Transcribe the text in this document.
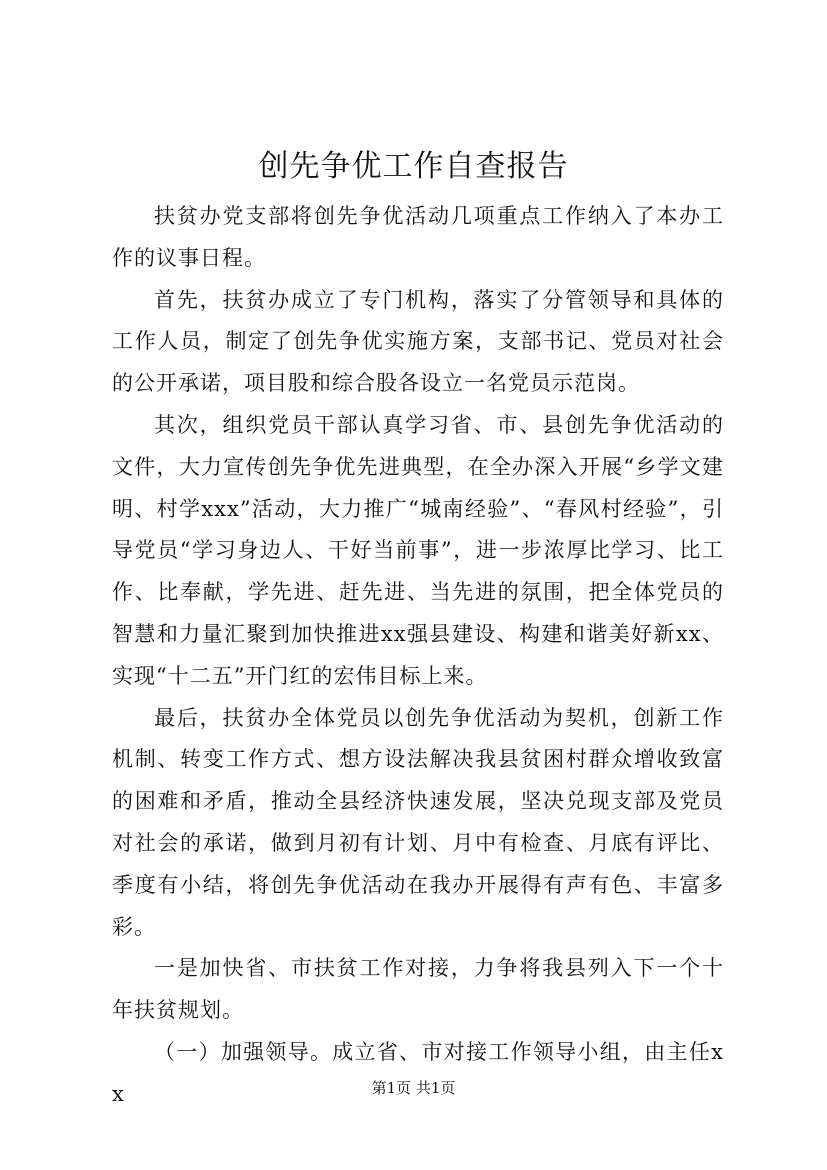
创先争优工作自查报告

扶贫办党支部将创先争优活动几项重点工作纳入了本办工作的议事日程。

首先，扶贫办成立了专门机构，落实了分管领导和具体的工作人员，制定了创先争优实施方案，支部书记、党员对社会的公开承诺，项目股和综合股各设立一名党员示范岗。

其次，组织党员干部认真学习省、市、县创先争优活动的文件，大力宣传创先争优先进典型，在全办深入开展“乡学文建明、村学xxx”活动，大力推广“城南经验”、“春风村经验”，引导党员“学习身边人、干好当前事”，进一步浓厚比学习、比工作、比奉献，学先进、赶先进、当先进的氛围，把全体党员的智慧和力量汇聚到加快推进xx强县建设、构建和谐美好新xx、实现“十二五”开门红的宏伟目标上来。

最后，扶贫办全体党员以创先争优活动为契机，创新工作机制、转变工作方式、想方设法解决我县贫困村群众增收致富的困难和矛盾，推动全县经济快速发展，坚决兑现支部及党员对社会的承诺，做到月初有计划、月中有检查、月底有评比、季度有小结，将创先争优活动在我办开展得有声有色、丰富多彩。

一是加快省、市扶贫工作对接，力争将我县列入下一个十年扶贫规划。

（一）加强领导。成立省、市对接工作领导小组，由主任xx	第1页 共1页
